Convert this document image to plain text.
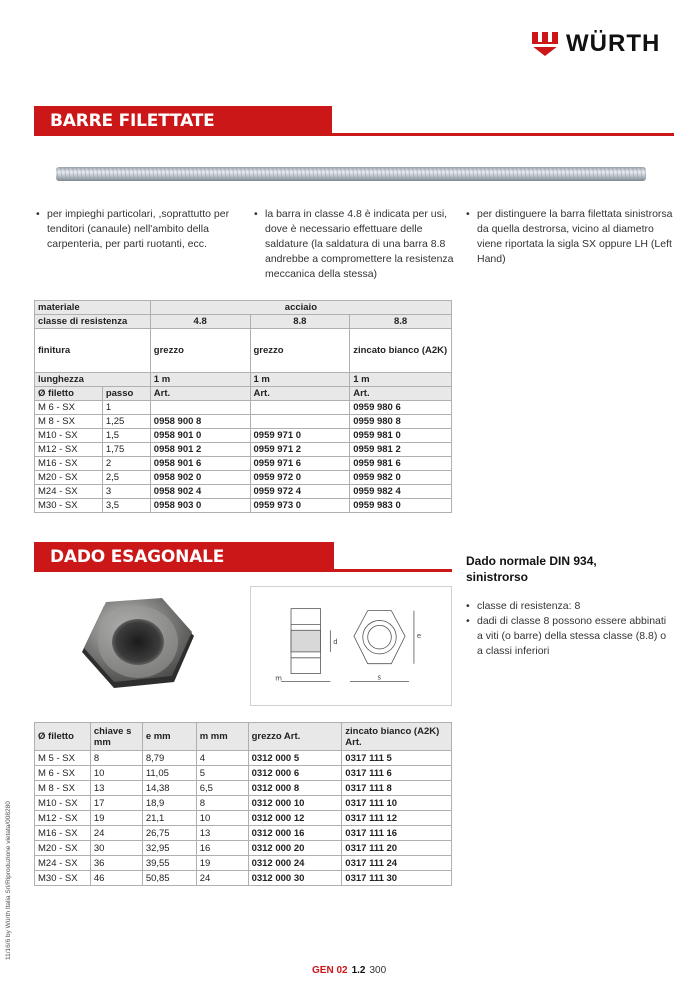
WÜRTH
BARRE FILETTATE SINISTRORSE SX
• per impieghi particolari, ,soprattutto per tenditori (canaule) nell'ambito della carpenteria, per parti ruotanti, ecc.
• la barra in classe 4.8 è indicata per usi, dove è necessario effettuare delle saldature (la saldatura di una barra 8.8 andrebbe a compromettere la resistenza meccanica della stessa)
• per distinguere la barra filettata sinistrorsa da quella destrorsa, vicino al diametro viene riportata la sigla SX oppure LH (Left Hand)
materiale		acciaio		
classe di resistenza		4.8	8.8	8.8
finitura		grezzo	grezzo	zincato bianco (A2K)
lunghezza		1 m	1 m	1 m
Ø filetto	passo	Art.	Art.	Art.
M 6 - SX	1			0959 980 6
M 8 - SX	1,25	0958 900 8		0959 980 8
M10 - SX	1,5	0958 901 0	0959 971 0	0959 981 0
M12 - SX	1,75	0958 901 2	0959 971 2	0959 981 2
M16 - SX	2	0958 901 6	0959 971 6	0959 981 6
M20 - SX	2,5	0958 902 0	0959 972 0	0959 982 0
M24 - SX	3	0958 902 4	0959 972 4	0959 982 4
M30 - SX	3,5	0958 903 0	0959 973 0	0959 983 0
DADO ESAGONALE SINISTRORSO
Dado normale DIN 934, sinistrorso
m	s
e
d
• classe di resistenza: 8
• dadi di classe 8 possono essere abbinati a viti (o barre) della stessa classe (8.8) o a classi inferiori
Ø filetto	chiave s mm	e mm	m mm	grezzo Art.	zincato bianco (A2K) Art.
M 5 - SX	8	8,79	4	0312 000 5	0317 111 5
M 6 - SX	10	11,05	5	0312 000 6	0317 111 6
M 8 - SX	13	14,38	6,5	0312 000 8	0317 111 8
M10 - SX	17	18,9	8	0312 000 10	0317 111 10
M12 - SX	19	21,1	10	0312 000 12	0317 111 12
M16 - SX	24	26,75	13	0312 000 16	0317 111 16
M20 - SX	30	32,95	16	0312 000 20	0317 111 20
M24 - SX	36	39,55	19	0312 000 24	0317 111 24
M30 - SX	46	50,85	24	0312 000 30	0317 111 30
11/16/6 by Würth Italia Srl/Riproduzione vietata/008280
GEN 02 1.2 300
